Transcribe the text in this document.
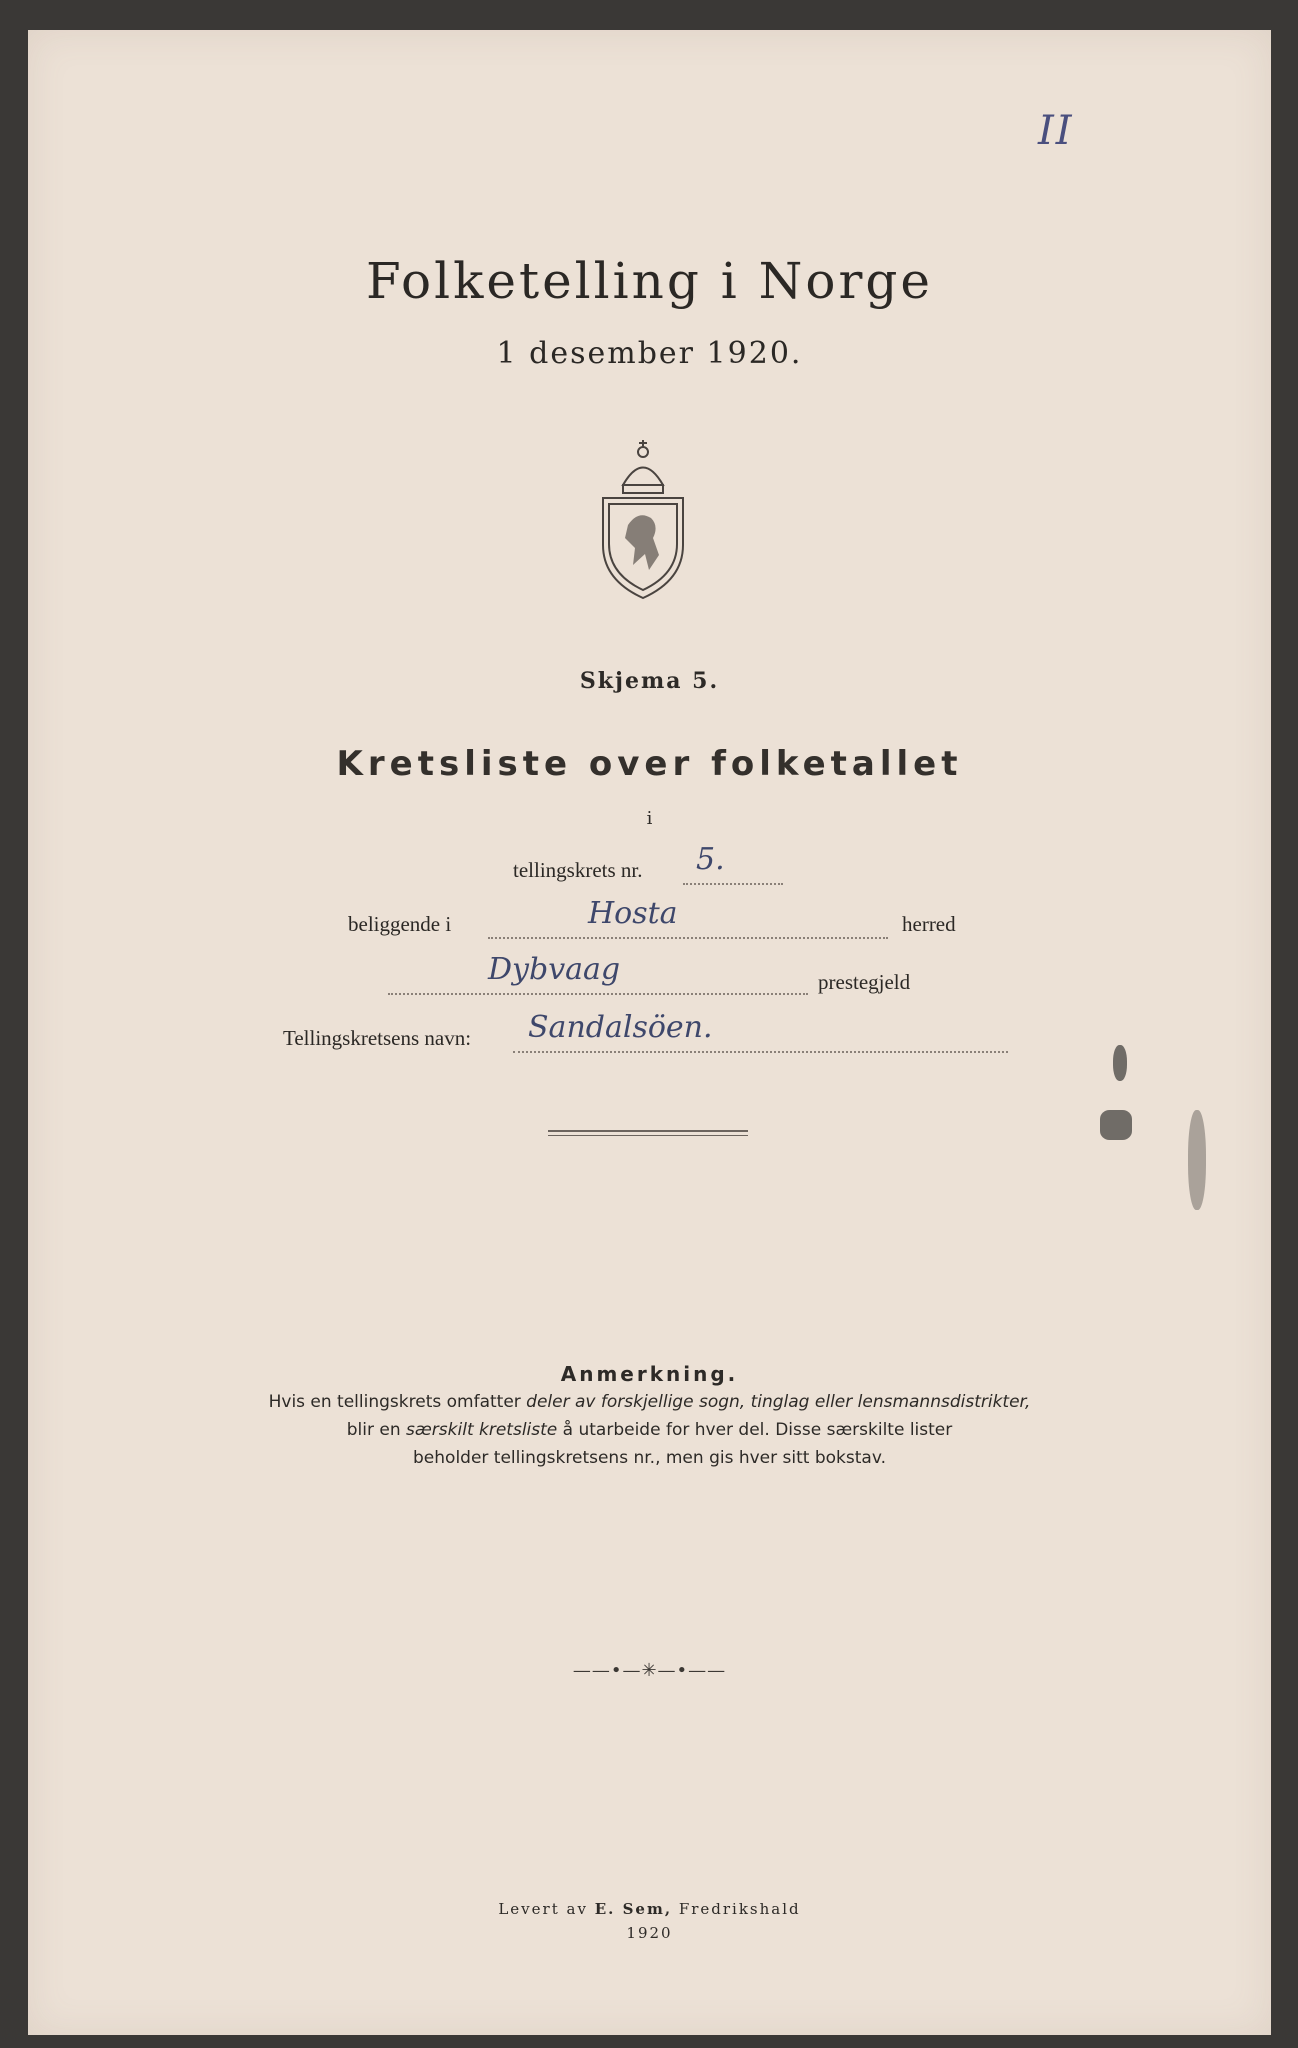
II
Folketelling i Norge
1 desember 1920.
Skjema 5.
Kretsliste over folketallet
i
tellingskrets nr. 5.
beliggende i	Hosta	herred
Dybvaag	prestegjeld
Tellingskretsens navn: Sandalsöen.
Anmerkning.
Hvis en tellingskrets omfatter deler av forskjellige sogn, tinglag eller lensmannsdistrikter,
blir en særskilt kretsliste å utarbeide for hver del. Disse særskilte lister
beholder tellingskretsens nr., men gis hver sitt bokstav.
——•—✳—•——
Levert av E. Sem, Fredrikshald
1920
